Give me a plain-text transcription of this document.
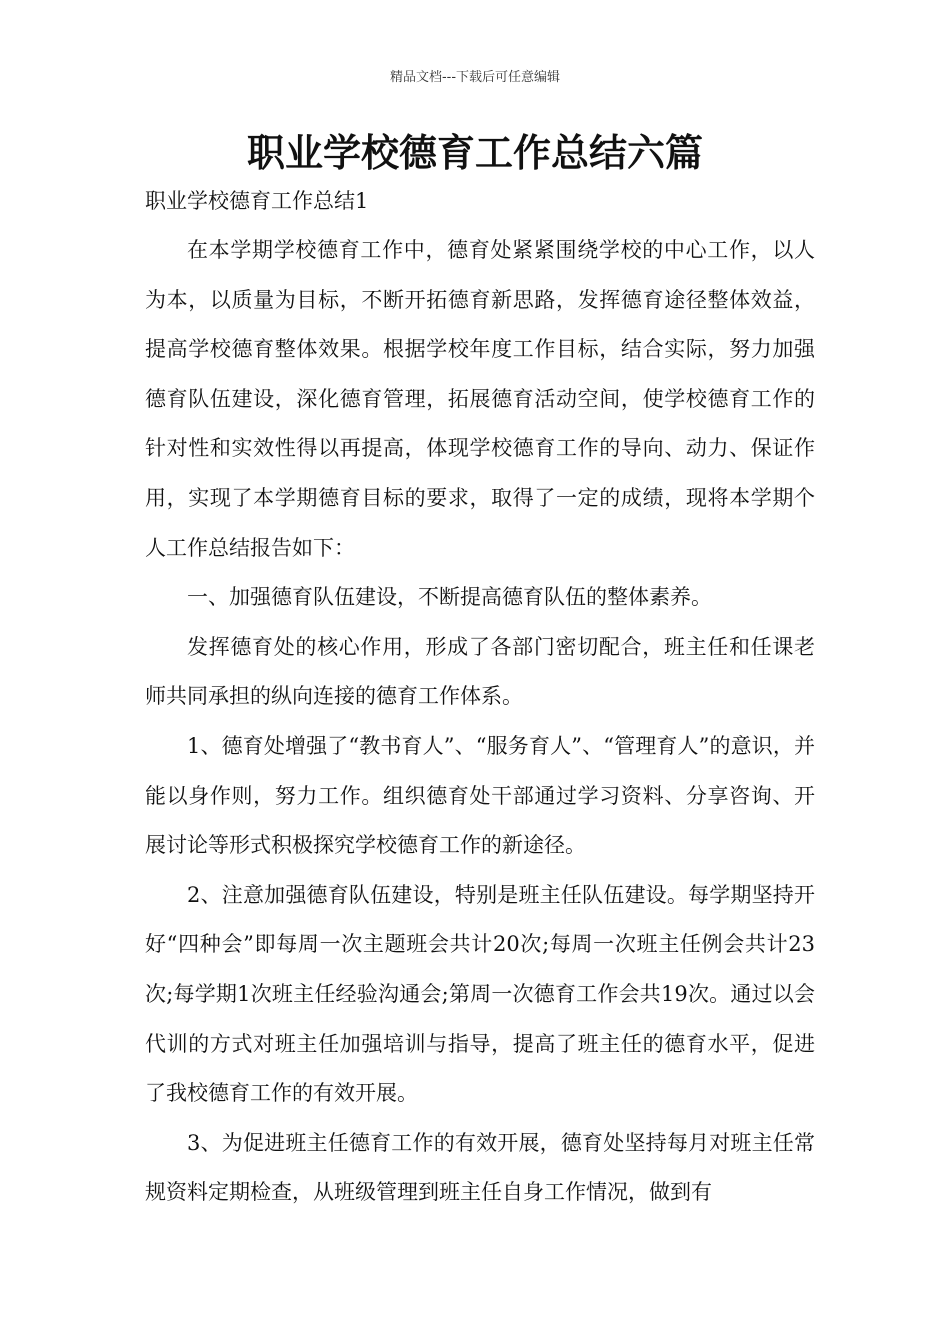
精品文档---下载后可任意编辑
职业学校德育工作总结六篇
职业学校德育工作总结1

在本学期学校德育工作中，德育处紧紧围绕学校的中心工作，以人为本，以质量为目标，不断开拓德育新思路，发挥德育途径整体效益，提高学校德育整体效果。根据学校年度工作目标，结合实际，努力加强德育队伍建设，深化德育管理，拓展德育活动空间，使学校德育工作的针对性和实效性得以再提高，体现学校德育工作的导向、动力、保证作用，实现了本学期德育目标的要求，取得了一定的成绩，现将本学期个人工作总结报告如下：

一、加强德育队伍建设，不断提高德育队伍的整体素养。

发挥德育处的核心作用，形成了各部门密切配合，班主任和任课老师共同承担的纵向连接的德育工作体系。

1、德育处增强了“教书育人”、“服务育人”、“管理育人”的意识，并能以身作则，努力工作。组织德育处干部通过学习资料、分享咨询、开展讨论等形式积极探究学校德育工作的新途径。

2、注意加强德育队伍建设，特别是班主任队伍建设。每学期坚持开好“四种会”即每周一次主题班会共计20次;每周一次班主任例会共计23次;每学期1次班主任经验沟通会;第周一次德育工作会共19次。通过以会代训的方式对班主任加强培训与指导，提高了班主任的德育水平，促进了我校德育工作的有效开展。

3、为促进班主任德育工作的有效开展，德育处坚持每月对班主任常规资料定期检查，从班级管理到班主任自身工作情况，做到有
